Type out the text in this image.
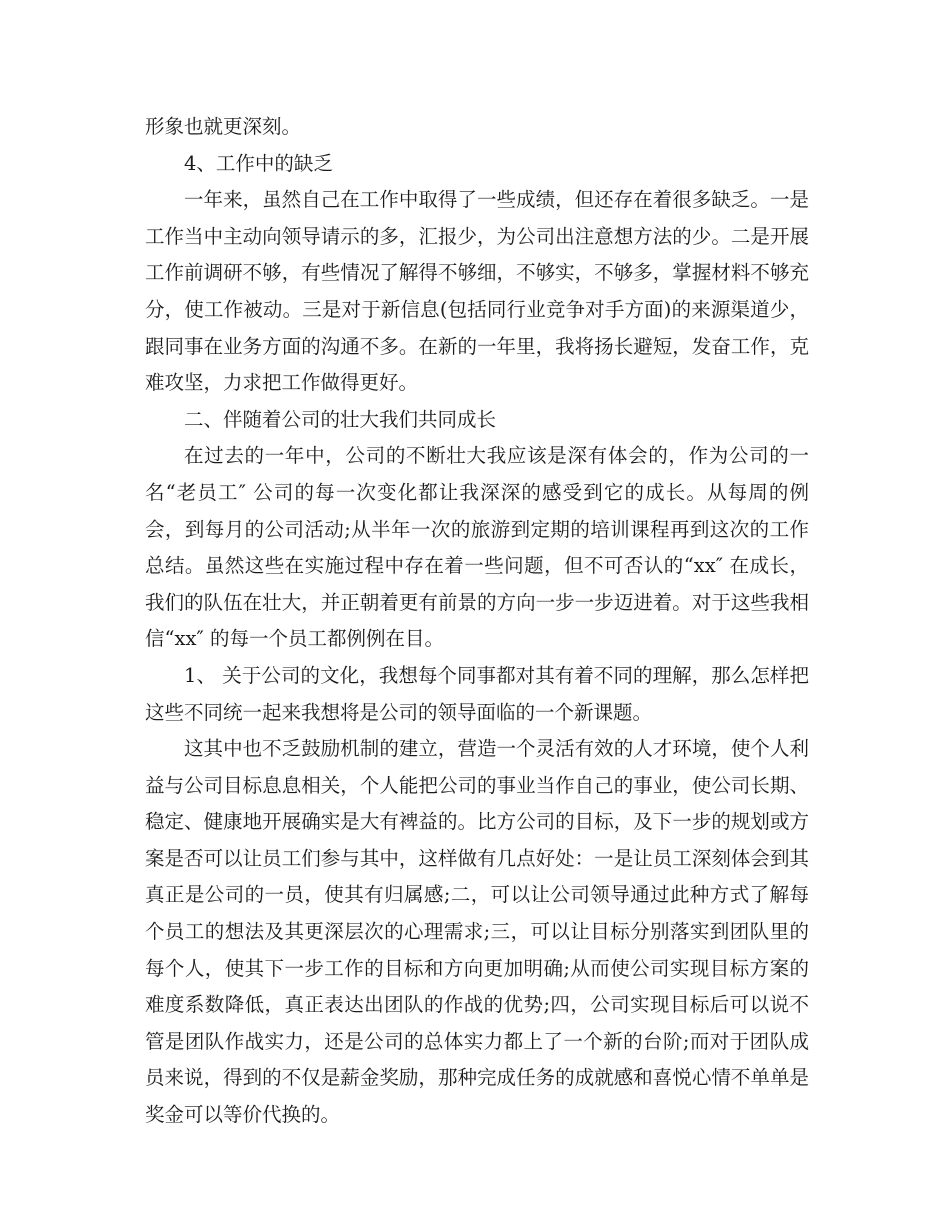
形象也就更深刻。

4、工作中的缺乏

一年来，虽然自己在工作中取得了一些成绩，但还存在着很多缺乏。一是工作当中主动向领导请示的多，汇报少，为公司出注意想方法的少。二是开展工作前调研不够，有些情况了解得不够细，不够实，不够多，掌握材料不够充分，使工作被动。三是对于新信息(包括同行业竞争对手方面)的来源渠道少，跟同事在业务方面的沟通不多。在新的一年里，我将扬长避短，发奋工作，克难攻坚，力求把工作做得更好。

二、伴随着公司的壮大我们共同成长

在过去的一年中，公司的不断壮大我应该是深有体会的，作为公司的一名“老员工″ 公司的每一次变化都让我深深的感受到它的成长。从每周的例会，到每月的公司活动;从半年一次的旅游到定期的培训课程再到这次的工作总结。虽然这些在实施过程中存在着一些问题，但不可否认的“xx″ 在成长，我们的队伍在壮大，并正朝着更有前景的方向一步一步迈进着。对于这些我相信“xx″ 的每一个员工都例例在目。

1、 关于公司的文化，我想每个同事都对其有着不同的理解，那么怎样把这些不同统一起来我想将是公司的领导面临的一个新课题。

这其中也不乏鼓励机制的建立，营造一个灵活有效的人才环境，使个人利益与公司目标息息相关，个人能把公司的事业当作自己的事业，使公司长期、稳定、健康地开展确实是大有裨益的。比方公司的目标，及下一步的规划或方案是否可以让员工们参与其中，这样做有几点好处：一是让员工深刻体会到其真正是公司的一员，使其有归属感;二，可以让公司领导通过此种方式了解每个员工的想法及其更深层次的心理需求;三，可以让目标分别落实到团队里的每个人，使其下一步工作的目标和方向更加明确;从而使公司实现目标方案的难度系数降低，真正表达出团队的作战的优势;四，公司实现目标后可以说不管是团队作战实力，还是公司的总体实力都上了一个新的台阶;而对于团队成员来说，得到的不仅是薪金奖励，那种完成任务的成就感和喜悦心情不单单是奖金可以等价代换的。
